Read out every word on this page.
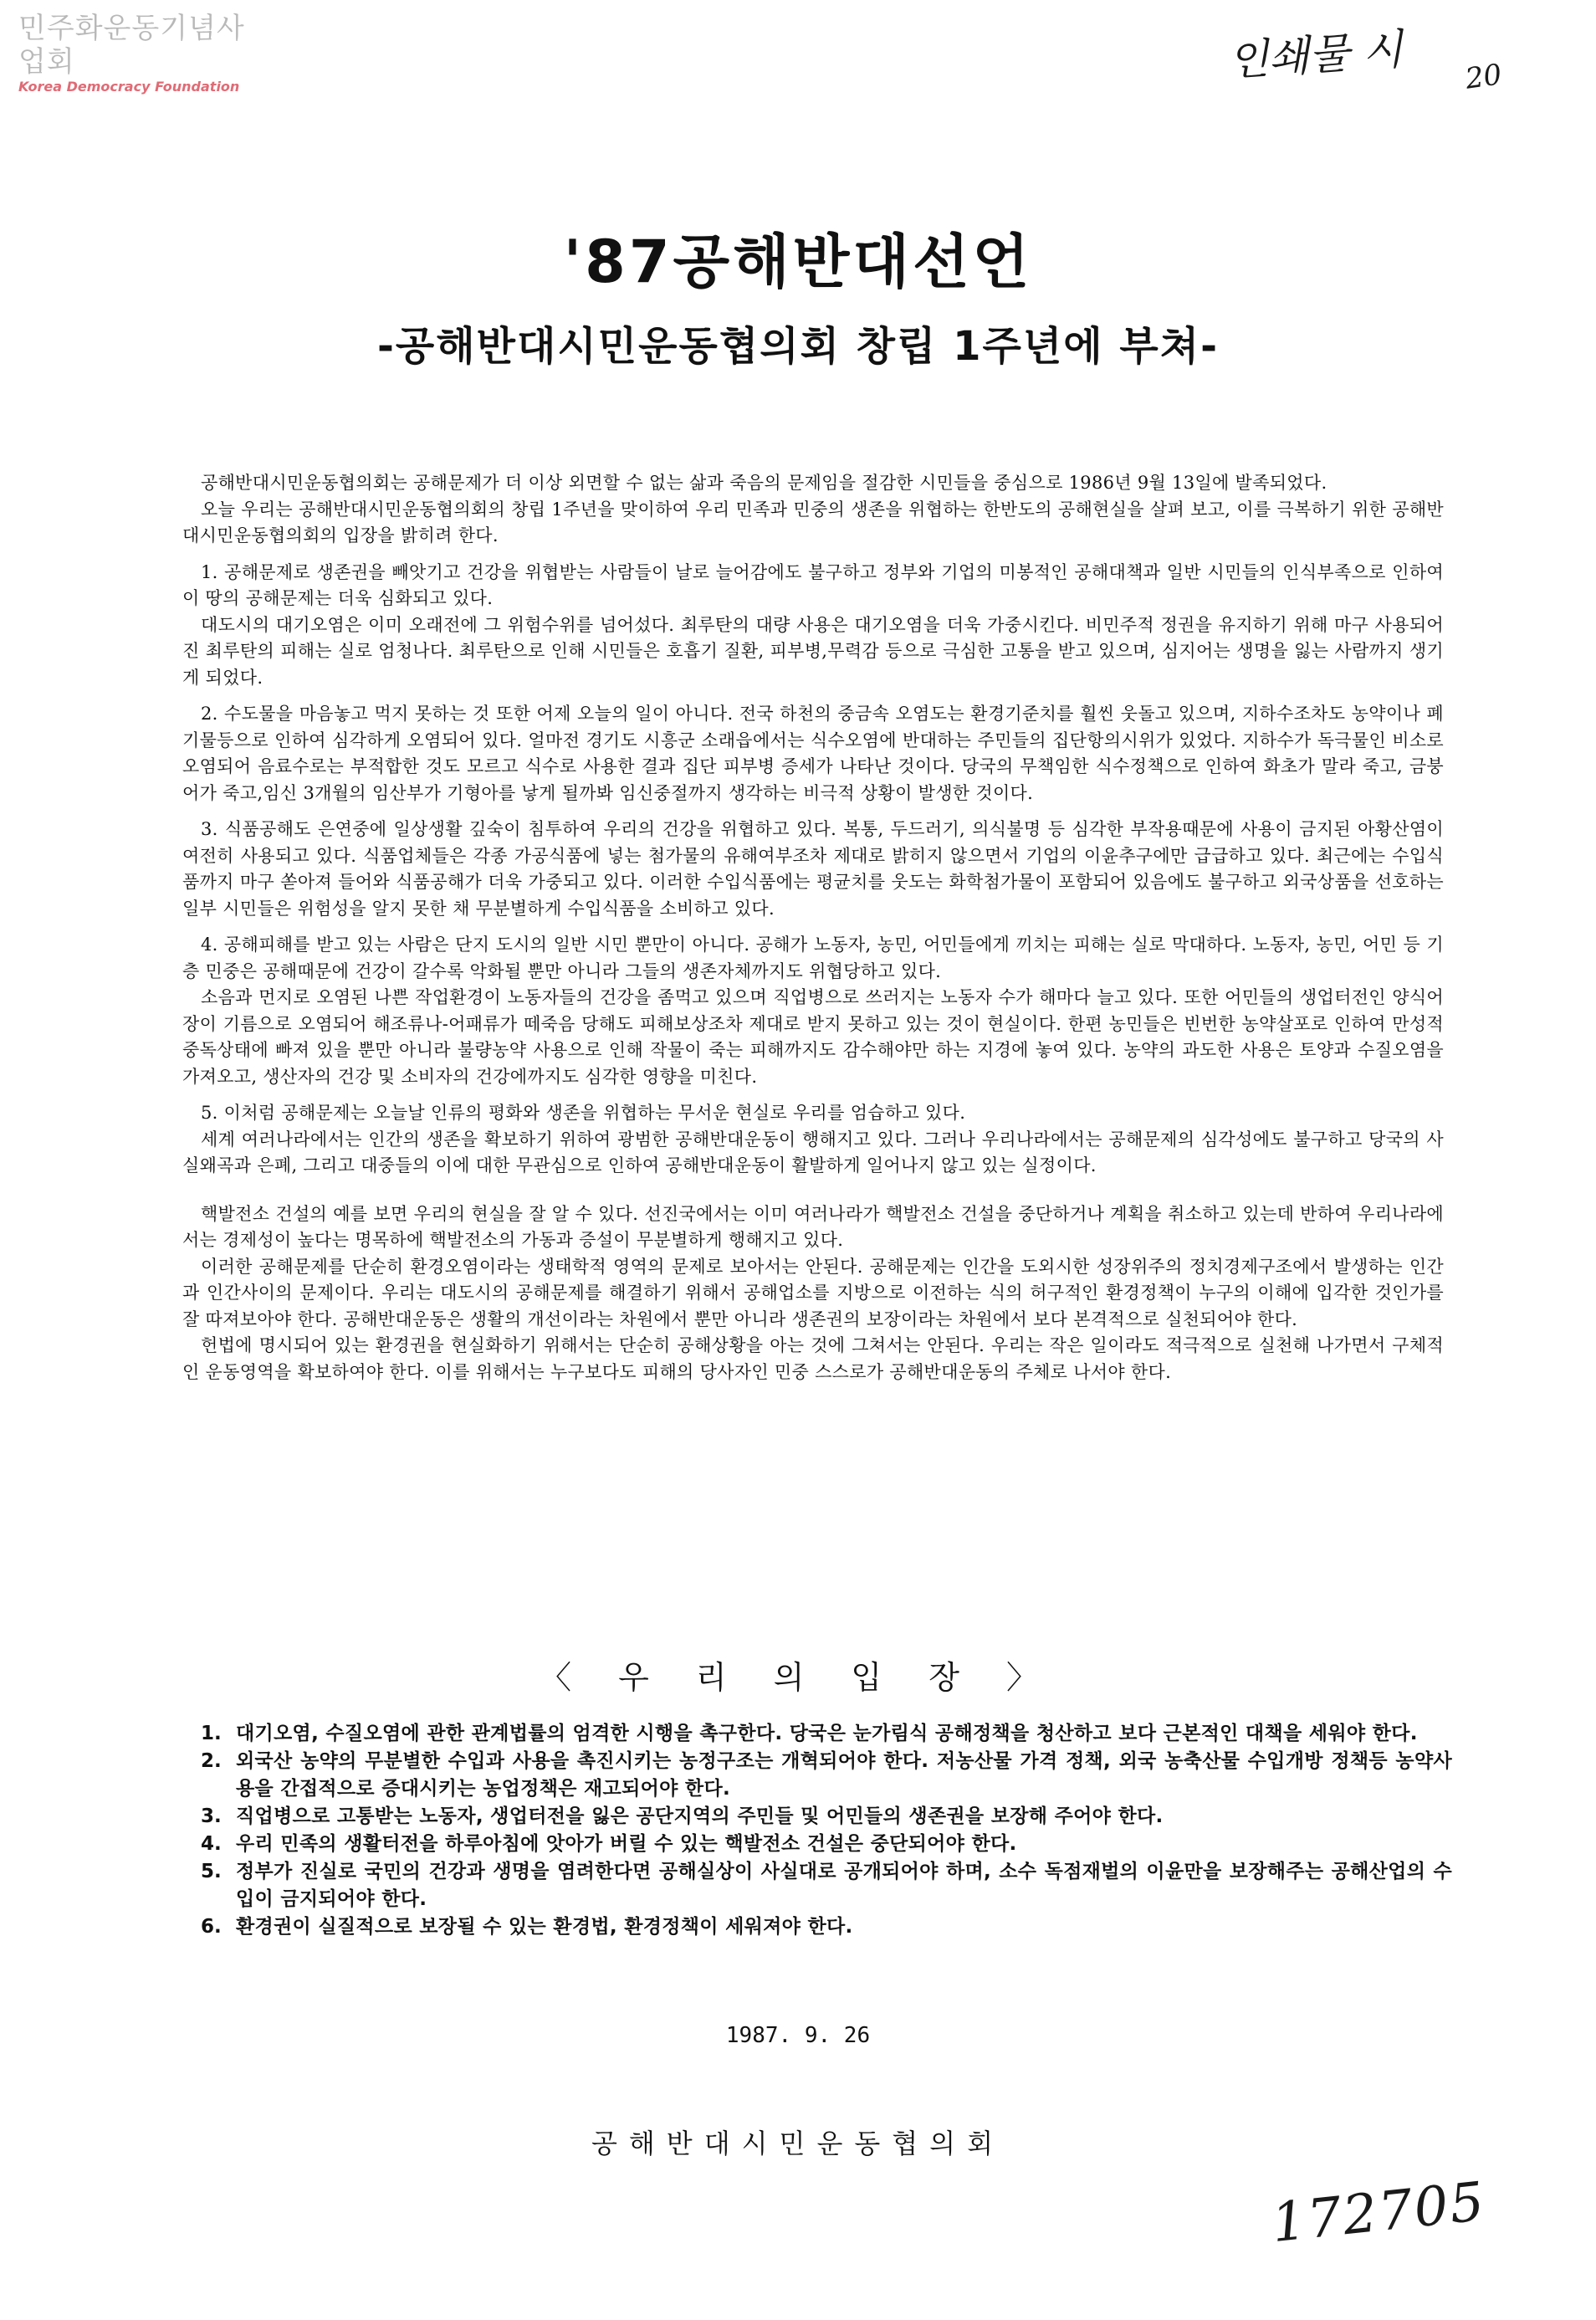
민주화운동기념사업회
Korea Democracy Foundation
인쇄물 시 20
'87공해반대선언
-공해반대시민운동협의회 창립 1주년에 부쳐-

공해반대시민운동협의회는 공해문제가 더 이상 외면할 수 없는 삶과 죽음의 문제임을 절감한 시민들을 중심으로 1986년 9월 13일에 발족되었다.

오늘 우리는 공해반대시민운동협의회의 창립 1주년을 맞이하여 우리 민족과 민중의 생존을 위협하는 한반도의 공해현실을 살펴 보고, 이를 극복하기 위한 공해반대시민운동협의회의 입장을 밝히려 한다.

1. 공해문제로 생존권을 빼앗기고 건강을 위협받는 사람들이 날로 늘어감에도 불구하고 정부와 기업의 미봉적인 공해대책과 일반 시민들의 인식부족으로 인하여 이 땅의 공해문제는 더욱 심화되고 있다.

대도시의 대기오염은 이미 오래전에 그 위험수위를 넘어섰다. 최루탄의 대량 사용은 대기오염을 더욱 가중시킨다. 비민주적 정권을 유지하기 위해 마구 사용되어진 최루탄의 피해는 실로 엄청나다. 최루탄으로 인해 시민들은 호흡기 질환, 피부병,무력감 등으로 극심한 고통을 받고 있으며, 심지어는 생명을 잃는 사람까지 생기게 되었다.

2. 수도물을 마음놓고 먹지 못하는 것 또한 어제 오늘의 일이 아니다. 전국 하천의 중금속 오염도는 환경기준치를 훨씬 웃돌고 있으며, 지하수조차도 농약이나 폐기물등으로 인하여 심각하게 오염되어 있다. 얼마전 경기도 시흥군 소래읍에서는 식수오염에 반대하는 주민들의 집단항의시위가 있었다. 지하수가 독극물인 비소로 오염되어 음료수로는 부적합한 것도 모르고 식수로 사용한 결과 집단 피부병 증세가 나타난 것이다. 당국의 무책임한 식수정책으로 인하여 화초가 말라 죽고, 금붕어가 죽고,임신 3개월의 임산부가 기형아를 낳게 될까봐 임신중절까지 생각하는 비극적 상황이 발생한 것이다.

3. 식품공해도 은연중에 일상생활 깊숙이 침투하여 우리의 건강을 위협하고 있다. 복통, 두드러기, 의식불명 등 심각한 부작용때문에 사용이 금지된 아황산염이 여전히 사용되고 있다. 식품업체들은 각종 가공식품에 넣는 첨가물의 유해여부조차 제대로 밝히지 않으면서 기업의 이윤추구에만 급급하고 있다. 최근에는 수입식품까지 마구 쏟아져 들어와 식품공해가 더욱 가중되고 있다. 이러한 수입식품에는 평균치를 웃도는 화학첨가물이 포함되어 있음에도 불구하고 외국상품을 선호하는 일부 시민들은 위험성을 알지 못한 채 무분별하게 수입식품을 소비하고 있다.

4. 공해피해를 받고 있는 사람은 단지 도시의 일반 시민 뿐만이 아니다. 공해가 노동자, 농민, 어민들에게 끼치는 피해는 실로 막대하다. 노동자, 농민, 어민 등 기층 민중은 공해때문에 건강이 갈수록 악화될 뿐만 아니라 그들의 생존자체까지도 위협당하고 있다.

소음과 먼지로 오염된 나쁜 작업환경이 노동자들의 건강을 좀먹고 있으며 직업병으로 쓰러지는 노동자 수가 해마다 늘고 있다. 또한 어민들의 생업터전인 양식어장이 기름으로 오염되어 해조류나-어패류가 떼죽음 당해도 피해보상조차 제대로 받지 못하고 있는 것이 현실이다. 한편 농민들은 빈번한 농약살포로 인하여 만성적 중독상태에 빠져 있을 뿐만 아니라 불량농약 사용으로 인해 작물이 죽는 피해까지도 감수해야만 하는 지경에 놓여 있다. 농약의 과도한 사용은 토양과 수질오염을 가져오고, 생산자의 건강 및 소비자의 건강에까지도 심각한 영향을 미친다.

5. 이처럼 공해문제는 오늘날 인류의 평화와 생존을 위협하는 무서운 현실로 우리를 엄습하고 있다.

세계 여러나라에서는 인간의 생존을 확보하기 위하여 광범한 공해반대운동이 행해지고 있다. 그러나 우리나라에서는 공해문제의 심각성에도 불구하고 당국의 사실왜곡과 은폐, 그리고 대중들의 이에 대한 무관심으로 인하여 공해반대운동이 활발하게 일어나지 않고 있는 실정이다.

핵발전소 건설의 예를 보면 우리의 현실을 잘 알 수 있다. 선진국에서는 이미 여러나라가 핵발전소 건설을 중단하거나 계획을 취소하고 있는데 반하여 우리나라에서는 경제성이 높다는 명목하에 핵발전소의 가동과 증설이 무분별하게 행해지고 있다.

이러한 공해문제를 단순히 환경오염이라는 생태학적 영역의 문제로 보아서는 안된다. 공해문제는 인간을 도외시한 성장위주의 정치경제구조에서 발생하는 인간과 인간사이의 문제이다. 우리는 대도시의 공해문제를 해결하기 위해서 공해업소를 지방으로 이전하는 식의 허구적인 환경정책이 누구의 이해에 입각한 것인가를 잘 따져보아야 한다. 공해반대운동은 생활의 개선이라는 차원에서 뿐만 아니라 생존권의 보장이라는 차원에서 보다 본격적으로 실천되어야 한다.

헌법에 명시되어 있는 환경권을 현실화하기 위해서는 단순히 공해상황을 아는 것에 그쳐서는 안된다. 우리는 작은 일이라도 적극적으로 실천해 나가면서 구체적인 운동영역을 확보하여야 한다. 이를 위해서는 누구보다도 피해의 당사자인 민중 스스로가 공해반대운동의 주체로 나서야 한다.

〈 우 리 의 입 장 〉
1. 대기오염, 수질오염에 관한 관계법률의 엄격한 시행을 촉구한다. 당국은 눈가림식 공해정책을 청산하고 보다 근본적인 대책을 세워야 한다.
2. 외국산 농약의 무분별한 수입과 사용을 촉진시키는 농정구조는 개혁되어야 한다. 저농산물 가격 정책, 외국 농축산물 수입개방 정책등 농약사용을 간접적으로 증대시키는 농업정책은 재고되어야 한다.
3. 직업병으로 고통받는 노동자, 생업터전을 잃은 공단지역의 주민들 및 어민들의 생존권을 보장해 주어야 한다.
4. 우리 민족의 생활터전을 하루아침에 앗아가 버릴 수 있는 핵발전소 건설은 중단되어야 한다.
5. 정부가 진실로 국민의 건강과 생명을 염려한다면 공해실상이 사실대로 공개되어야 하며, 소수 독점재벌의 이윤만을 보장해주는 공해산업의 수입이 금지되어야 한다.
6. 환경권이 실질적으로 보장될 수 있는 환경법, 환경정책이 세워져야 한다.
1987. 9. 26
공해반대시민운동협의회
172705
